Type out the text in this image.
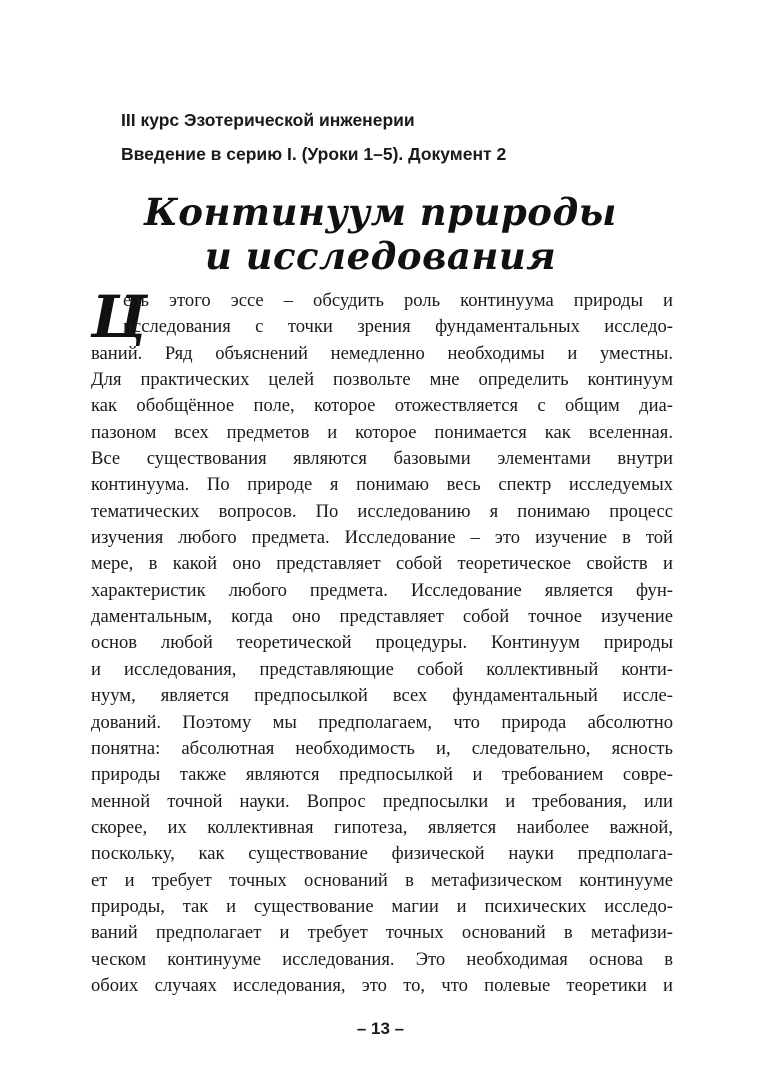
III курс Эзотерической инженерии
Введение в серию I. (Уроки 1–5). Документ 2
Континуум природы
и исследования
Ц
ель этого эссе – обсудить роль континуума природы и
исследования с точки зрения фундаментальных исследо-
ваний. Ряд объяснений немедленно необходимы и уместны.
Для практических целей позвольте мне определить континуум
как обобщённое поле, которое отожествляется с общим диа-
пазоном всех предметов и которое понимается как вселенная.
Все существования являются базовыми элементами внутри
континуума. По природе я понимаю весь спектр исследуемых
тематических вопросов. По исследованию я понимаю процесс
изучения любого предмета. Исследование – это изучение в той
мере, в какой оно представляет собой теоретическое свойств и
характеристик любого предмета. Исследование является фун-
даментальным, когда оно представляет собой точное изучение
основ любой теоретической процедуры. Континуум природы
и исследования, представляющие собой коллективный конти-
нуум, является предпосылкой всех фундаментальный иссле-
дований. Поэтому мы предполагаем, что природа абсолютно
понятна: абсолютная необходимость и, следовательно, ясность
природы также являются предпосылкой и требованием совре-
менной точной науки. Вопрос предпосылки и требования, или
скорее, их коллективная гипотеза, является наиболее важной,
поскольку, как существование физической науки предполага-
ет и требует точных оснований в метафизическом континууме
природы, так и существование магии и психических исследо-
ваний предполагает и требует точных оснований в метафизи-
ческом континууме исследования. Это необходимая основа в
обоих случаях исследования, это то, что полевые теоретики и
– 13 –
